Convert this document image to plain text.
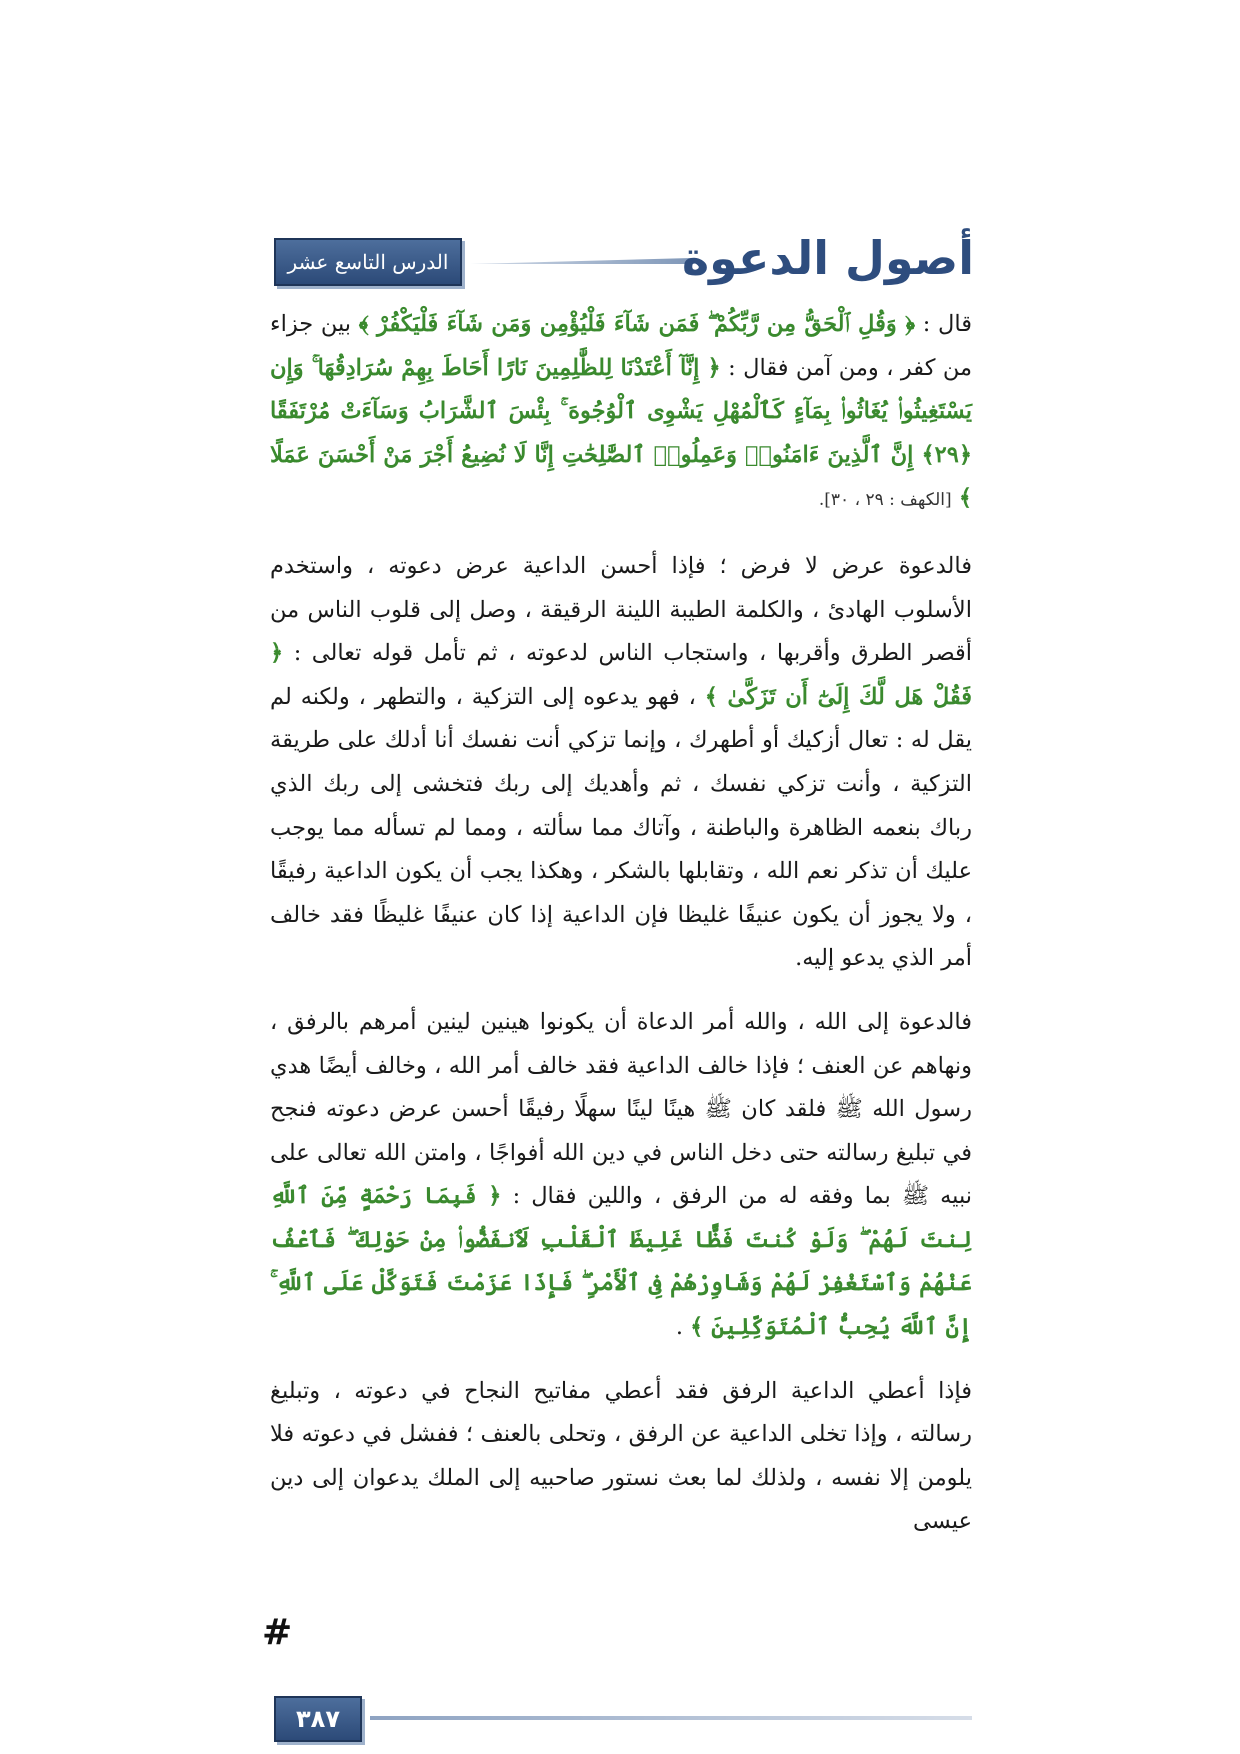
الدرس التاسع عشر	أصول الدعوة

قال : ﴿ وَقُلِ ٱلْحَقُّ مِن رَّبِّكُمْ ۖ فَمَن شَآءَ فَلْيُؤْمِن وَمَن شَآءَ فَلْيَكْفُرْ ﴾ بين جزاء من كفر ، ومن آمن فقال : ﴿ إِنَّآ أَعْتَدْنَا لِلظَّٰلِمِينَ نَارًا أَحَاطَ بِهِمْ سُرَادِقُهَا ۚ وَإِن يَسْتَغِيثُوا۟ يُغَاثُوا۟ بِمَآءٍ كَٱلْمُهْلِ يَشْوِى ٱلْوُجُوهَ ۚ بِئْسَ ٱلشَّرَابُ وَسَآءَتْ مُرْتَفَقًا ﴿٢٩﴾ إِنَّ ٱلَّذِينَ ءَامَنُوا۟ وَعَمِلُوا۟ ٱلصَّٰلِحَٰتِ إِنَّا لَا نُضِيعُ أَجْرَ مَنْ أَحْسَنَ عَمَلًا ﴾ [الكهف : ٢٩ ، ٣٠].

فالدعوة عرض لا فرض ؛ فإذا أحسن الداعية عرض دعوته ، واستخدم الأسلوب الهادئ ، والكلمة الطيبة اللينة الرقيقة ، وصل إلى قلوب الناس من أقصر الطرق وأقربها ، واستجاب الناس لدعوته ، ثم تأمل قوله تعالى : ﴿ فَقُلْ هَل لَّكَ إِلَىٰٓ أَن تَزَكَّىٰ ﴾ ، فهو يدعوه إلى التزكية ، والتطهر ، ولكنه لم يقل له : تعال أزكيك أو أطهرك ، وإنما تزكي أنت نفسك أنا أدلك على طريقة التزكية ، وأنت تزكي نفسك ، ثم وأهديك إلى ربك فتخشى إلى ربك الذي رباك بنعمه الظاهرة والباطنة ، وآتاك مما سألته ، ومما لم تسأله مما يوجب عليك أن تذكر نعم الله ، وتقابلها بالشكر ، وهكذا يجب أن يكون الداعية رفيقًا ، ولا يجوز أن يكون عنيفًا غليظا فإن الداعية إذا كان عنيفًا غليظًا فقد خالف أمر الذي يدعو إليه.

فالدعوة إلى الله ، والله أمر الدعاة أن يكونوا هينين لينين أمرهم بالرفق ، ونهاهم عن العنف ؛ فإذا خالف الداعية فقد خالف أمر الله ، وخالف أيضًا هدي رسول الله ﷺ فلقد كان ﷺ هينًا لينًا سهلًا رفيقًا أحسن عرض دعوته فنجح في تبليغ رسالته حتى دخل الناس في دين الله أفواجًا ، وامتن الله تعالى على نبيه ﷺ بما وفقه له من الرفق ، واللين فقال : ﴿ فَبِمَا رَحْمَةٍ مِّنَ ٱللَّهِ لِنتَ لَهُمْ ۖ وَلَوْ كُنتَ فَظًّا غَلِيظَ ٱلْقَلْبِ لَٱنفَضُّوا۟ مِنْ حَوْلِكَ ۖ فَٱعْفُ عَنْهُمْ وَٱسْتَغْفِرْ لَهُمْ وَشَاوِرْهُمْ فِى ٱلْأَمْرِ ۖ فَإِذَا عَزَمْتَ فَتَوَكَّلْ عَلَى ٱللَّهِ ۚ إِنَّ ٱللَّهَ يُحِبُّ ٱلْمُتَوَكِّلِينَ ﴾ .

فإذا أعطي الداعية الرفق فقد أعطي مفاتيح النجاح في دعوته ، وتبليغ رسالته ، وإذا تخلى الداعية عن الرفق ، وتحلى بالعنف ؛ ففشل في دعوته فلا يلومن إلا نفسه ، ولذلك لما بعث نستور صاحبيه إلى الملك يدعوان إلى دين عيسى

#
٣٨٧
